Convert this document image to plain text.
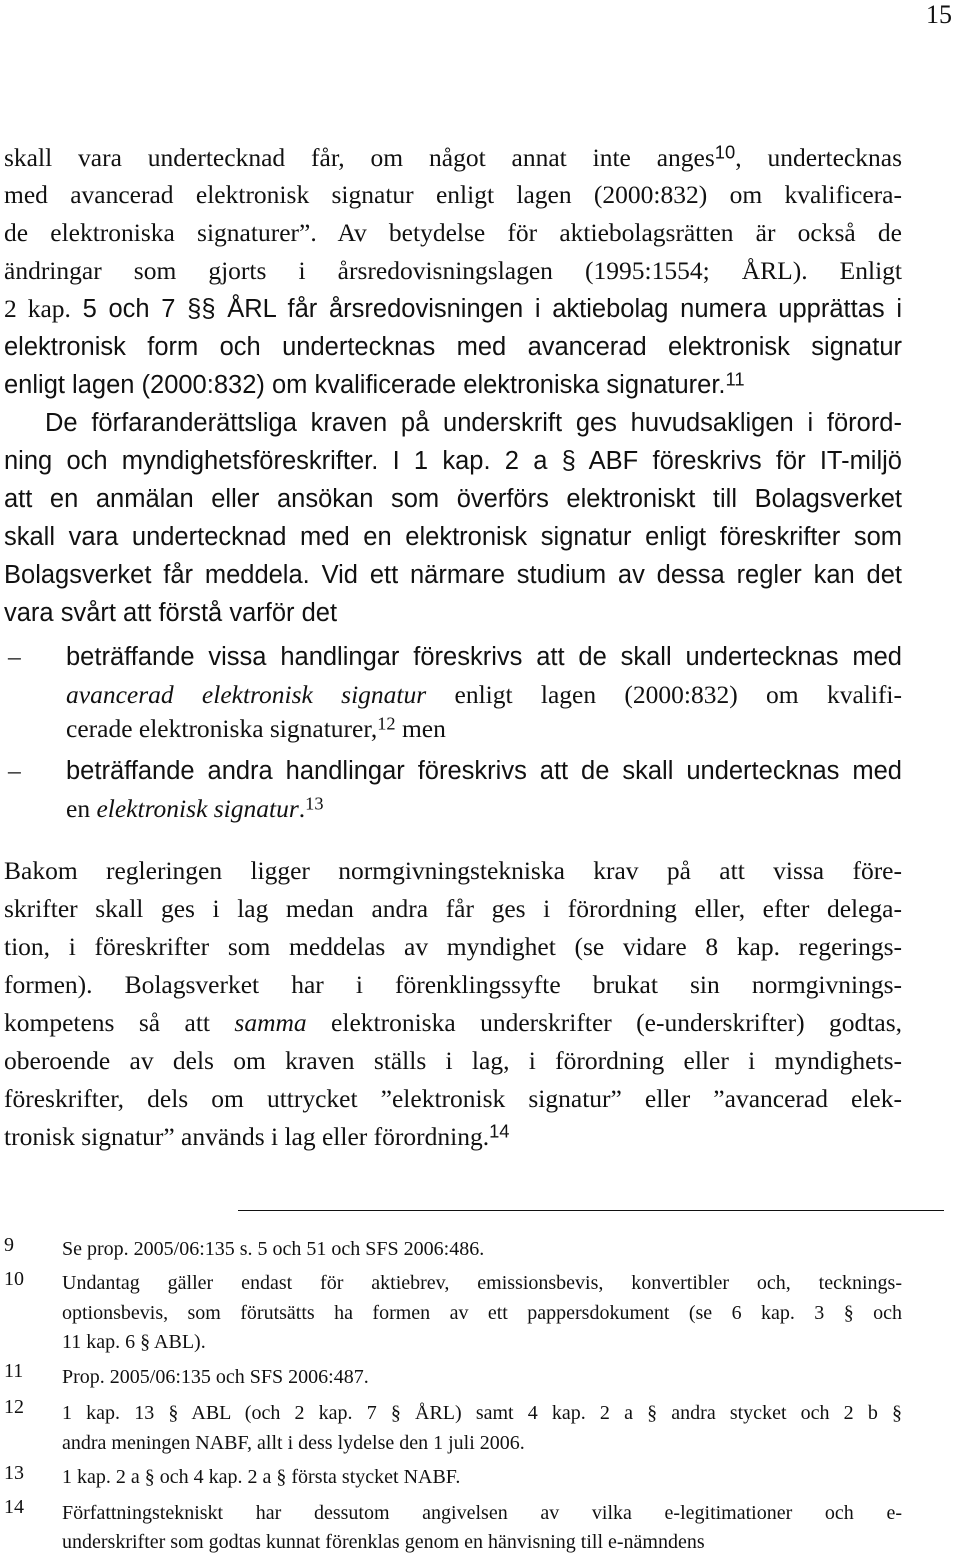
15
skall vara undertecknad får, om något annat inte anges$^{10}$, undertecknas
med avancerad elektronisk signatur enligt lagen (2000:832) om kvalificera-
de elektroniska signaturer”. Av betydelse för aktiebolagsrätten är också de
ändringar som gjorts i årsredovisningslagen (1995:1554; ÅRL). Enligt
2 kap. 5 och 7 §§ ÅRL får årsredovisningen i aktiebolag numera upprättas i
elektronisk form och undertecknas med avancerad elektronisk signatur
enligt lagen (2000:832) om kvalificerade elektroniska signaturer.$^{11}$
De förfaranderättsliga kraven på underskrift ges huvudsakligen i förord-
ning och myndighetsföreskrifter. I 1 kap. 2 a § ABF föreskrivs för IT-miljö
att en anmälan eller ansökan som överförs elektroniskt till Bolagsverket
skall vara undertecknad med en elektronisk signatur enligt föreskrifter som
Bolagsverket får meddela. Vid ett närmare studium av dessa regler kan det
vara svårt att förstå varför det
– beträffande vissa handlingar föreskrivs att de skall undertecknas med
avancerad elektronisk signatur enligt lagen (2000:832) om kvalifi-
cerade elektroniska signaturer,$^{12}$ men
– beträffande andra handlingar föreskrivs att de skall undertecknas med
en elektronisk signatur.$^{13}$
Bakom regleringen ligger normgivningstekniska krav på att vissa före-
skrifter skall ges i lag medan andra får ges i förordning eller, efter delega-
tion, i föreskrifter som meddelas av myndighet (se vidare 8 kap. regerings-
formen). Bolagsverket har i förenklingssyfte brukat sin normgivnings-
kompetens så att samma elektroniska underskrifter (e-underskrifter) godtas,
oberoende av dels om kraven ställs i lag, i förordning eller i myndighets-
föreskrifter, dels om uttrycket ”elektronisk signatur” eller ”avancerad elek-
tronisk signatur” används i lag eller förordning.$^{14}$
9 Se prop. 2005/06:135 s. 5 och 51 och SFS 2006:486.
10 Undantag gäller endast för aktiebrev, emissionsbevis, konvertibler och, tecknings-
optionsbevis, som förutsätts ha formen av ett pappersdokument (se 6 kap. 3 § och
11 kap. 6 § ABL).
11 Prop. 2005/06:135 och SFS 2006:487.
12 1 kap. 13 § ABL (och 2 kap. 7 § ÅRL) samt 4 kap. 2 a § andra stycket och 2 b §
andra meningen NABF, allt i dess lydelse den 1 juli 2006.
13 1 kap. 2 a § och 4 kap. 2 a § första stycket NABF.
14 Författningstekniskt har dessutom angivelsen av vilka e-legitimationer och e-
underskrifter som godtas kunnat förenklas genom en hänvisning till e-nämndens
